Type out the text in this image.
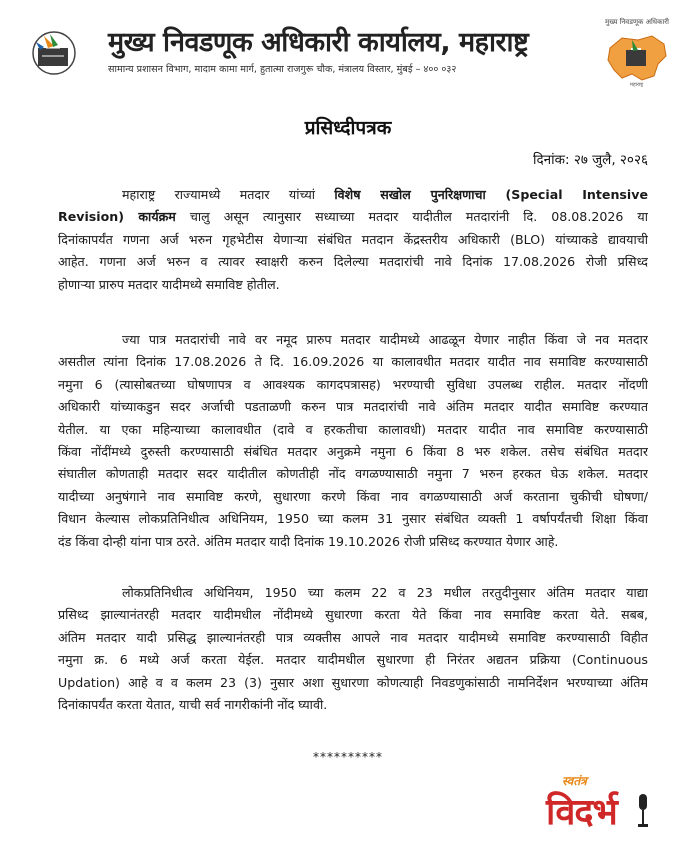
मुख्य निवडणूक अधिकारी कार्यालय, महाराष्ट्र
सामान्य प्रशासन विभाग, मादाम कामा मार्ग, हुतात्मा राजगुरू चौक, मंत्रालय विस्तार, मुंबई – ४०० ०३२
मुख्य निवडणूक अधिकारी
महाराष्ट्र
प्रसिध्दीपत्रक
दिनांक: २७ जुलै, २०२६
महाराष्ट्र राज्यामध्ये मतदार यांच्यां विशेष सखोल पुनरिक्षणाचा (Special Intensive
Revision) कार्यक्रम चालु असून त्यानुसार सध्याच्या मतदार यादीतील मतदारांनी दि. 08.08.2026 या
दिनांकापर्यंत गणना अर्ज भरुन गृहभेटीस येणाऱ्या संबंधित मतदान केंद्रस्तरीय अधिकारी (BLO) यांच्याकडे द्यावयाची
आहेत. गणना अर्ज भरुन व त्यावर स्वाक्षरी करुन दिलेल्या मतदारांची नावे दिनांक 17.08.2026 रोजी प्रसिध्द
होणाऱ्या प्रारुप मतदार यादीमध्ये समाविष्ट होतील.
ज्या पात्र मतदारांची नावे वर नमूद प्रारुप मतदार यादीमध्ये आढळून येणार नाहीत किंवा जे नव मतदार
असतील त्यांना दिनांक 17.08.2026 ते दि. 16.09.2026 या कालावधीत मतदार यादीत नाव समाविष्ट करण्यासाठी
नमुना 6 (त्यासोबतच्या घोषणापत्र व आवश्यक कागदपत्रासह) भरण्याची सुविधा उपलब्ध राहील. मतदार नोंदणी
अधिकारी यांच्याकडुन सदर अर्जाची पडताळणी करुन पात्र मतदारांची नावे अंतिम मतदार यादीत समाविष्ट करण्यात
येतील. या एका महिन्याच्या कालावधीत (दावे व हरकतीचा कालावधी) मतदार यादीत नाव समाविष्ट करण्यासाठी
किंवा नोंदींमध्ये दुरुस्ती करण्यासाठी संबंधित मतदार अनुक्रमे नमुना 6 किंवा 8 भरु शकेल. तसेच संबंधित मतदार
संघातील कोणताही मतदार सदर यादीतील कोणतीही नोंद वगळण्यासाठी नमुना 7 भरुन हरकत घेऊ शकेल. मतदार
यादीच्या अनुषंगाने नाव समाविष्ट करणे, सुधारणा करणे किंवा नाव वगळण्यासाठी अर्ज करताना चुकीची घोषणा/
विधान केल्यास लोकप्रतिनिधीत्व अधिनियम, 1950 च्या कलम 31 नुसार संबंधित व्यक्ती 1 वर्षापर्यंतची शिक्षा किंवा
दंड किंवा दोन्ही यांना पात्र ठरते. अंतिम मतदार यादी दिनांक 19.10.2026 रोजी प्रसिध्द करण्यात येणार आहे.
लोकप्रतिनिधीत्व अधिनियम, 1950 च्या कलम 22 व 23 मधील तरतुदीनुसार अंतिम मतदार याद्या
प्रसिध्द झाल्यानंतरही मतदार यादीमधील नोंदीमध्ये सुधारणा करता येते किंवा नाव समाविष्ट करता येते. सबब,
अंतिम मतदार यादी प्रसिद्ध झाल्यानंतरही पात्र व्यक्तीस आपले नाव मतदार यादीमध्ये समाविष्ट करण्यासाठी विहीत
नमुना क्र. 6 मध्ये अर्ज करता येईल. मतदार यादीमधील सुधारणा ही निरंतर अद्यतन प्रक्रिया (Continuous
Updation) आहे व व कलम 23 (3) नुसार अशा सुधारणा कोणत्याही निवडणुकांसाठी नामनिर्देशन भरण्याच्या अंतिम
दिनांकापर्यंत करता येतात, याची सर्व नागरीकांनी नोंद घ्यावी.
**********
स्वतंत्र
विदर्भ
